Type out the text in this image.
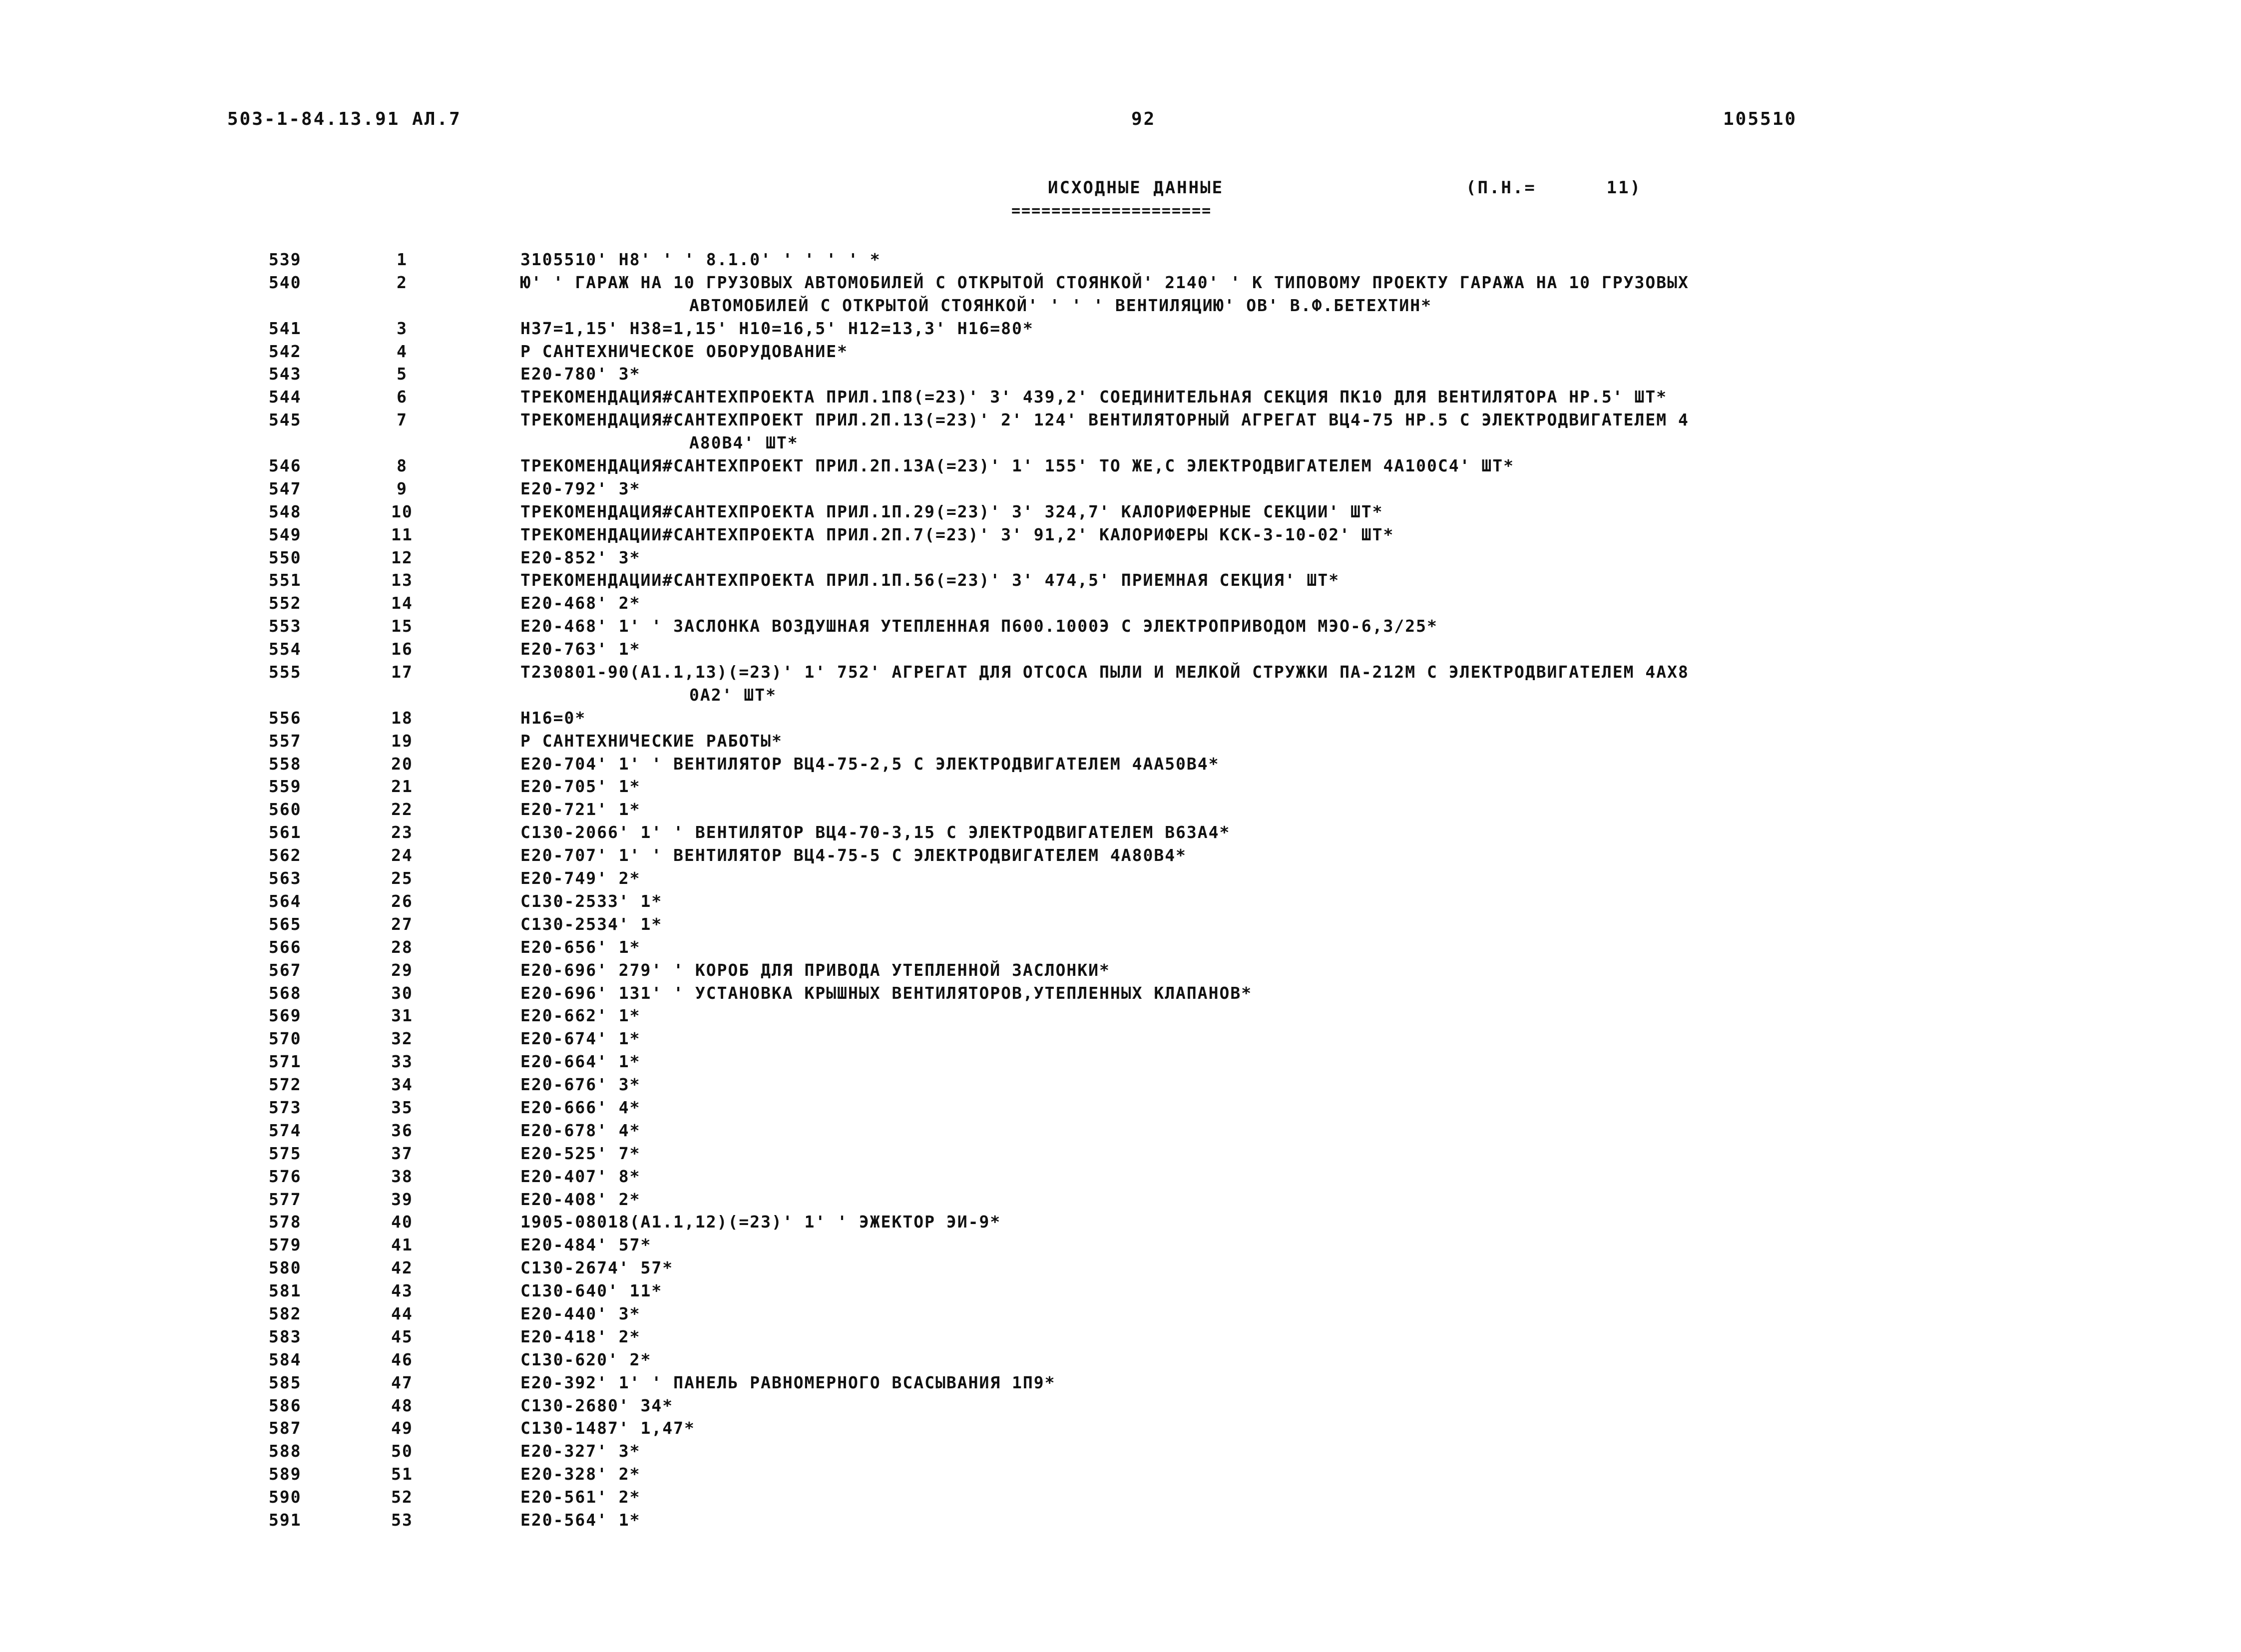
503-1-84.13.91 АЛ.7	92	105510
ИСХОДНЫЕ ДАННЫЕ	(П.Н.=      11)
====================
539	1	3105510' Н8' ' ' 8.1.0' ' ' ' ' *
540	2	Ю' ' ГАРАЖ НА 10 ГРУЗОВЫХ АВТОМОБИЛЕЙ С ОТКРЫТОЙ СТОЯНКОЙ' 2140' ' К ТИПОВОМУ ПРОЕКТУ ГАРАЖА НА 10 ГРУЗОВЫХ
АВТОМОБИЛЕЙ С ОТКРЫТОЙ СТОЯНКОЙ' ' ' ' ВЕНТИЛЯЦИЮ' ОВ' В.Ф.БЕТЕХТИН*
541	3	Н37=1,15' Н38=1,15' Н10=16,5' Н12=13,3' Н16=80*
542	4	Р САНТЕХНИЧЕСКОЕ ОБОРУДОВАНИЕ*
543	5	Е20-780' 3*
544	6	ТРЕКОМЕНДАЦИЯ#САНТЕХПРОЕКТА ПРИЛ.1П8(=23)' 3' 439,2' СОЕДИНИТЕЛЬНАЯ СЕКЦИЯ ПК10 ДЛЯ ВЕНТИЛЯТОРА НР.5' ШТ*
545	7	ТРЕКОМЕНДАЦИЯ#САНТЕХПРОЕКТ ПРИЛ.2П.13(=23)' 2' 124' ВЕНТИЛЯТОРНЫЙ АГРЕГАТ ВЦ4-75 НР.5 С ЭЛЕКТРОДВИГАТЕЛЕМ 4
А80В4' ШТ*
546	8	ТРЕКОМЕНДАЦИЯ#САНТЕХПРОЕКТ ПРИЛ.2П.13А(=23)' 1' 155' ТО ЖЕ,С ЭЛЕКТРОДВИГАТЕЛЕМ 4А100С4' ШТ*
547	9	Е20-792' 3*
548	10	ТРЕКОМЕНДАЦИЯ#САНТЕХПРОЕКТА ПРИЛ.1П.29(=23)' 3' 324,7' КАЛОРИФЕРНЫЕ СЕКЦИИ' ШТ*
549	11	ТРЕКОМЕНДАЦИИ#САНТЕХПРОЕКТА ПРИЛ.2П.7(=23)' 3' 91,2' КАЛОРИФЕРЫ КСК-3-10-02' ШТ*
550	12	Е20-852' 3*
551	13	ТРЕКОМЕНДАЦИИ#САНТЕХПРОЕКТА ПРИЛ.1П.56(=23)' 3' 474,5' ПРИЕМНАЯ СЕКЦИЯ' ШТ*
552	14	Е20-468' 2*
553	15	Е20-468' 1' ' ЗАСЛОНКА ВОЗДУШНАЯ УТЕПЛЕННАЯ П600.1000Э С ЭЛЕКТРОПРИВОДОМ МЭО-6,3/25*
554	16	Е20-763' 1*
555	17	Т230801-90(А1.1,13)(=23)' 1' 752' АГРЕГАТ ДЛЯ ОТСОСА ПЫЛИ И МЕЛКОЙ СТРУЖКИ ПА-212М С ЭЛЕКТРОДВИГАТЕЛЕМ 4АХ8
0А2' ШТ*
556	18	Н16=0*
557	19	Р САНТЕХНИЧЕСКИЕ РАБОТЫ*
558	20	Е20-704' 1' ' ВЕНТИЛЯТОР ВЦ4-75-2,5 С ЭЛЕКТРОДВИГАТЕЛЕМ 4АА50В4*
559	21	Е20-705' 1*
560	22	Е20-721' 1*
561	23	С130-2066' 1' ' ВЕНТИЛЯТОР ВЦ4-70-3,15 С ЭЛЕКТРОДВИГАТЕЛЕМ В63А4*
562	24	Е20-707' 1' ' ВЕНТИЛЯТОР ВЦ4-75-5 С ЭЛЕКТРОДВИГАТЕЛЕМ 4А80В4*
563	25	Е20-749' 2*
564	26	С130-2533' 1*
565	27	С130-2534' 1*
566	28	Е20-656' 1*
567	29	Е20-696' 279' ' КОРОБ ДЛЯ ПРИВОДА УТЕПЛЕННОЙ ЗАСЛОНКИ*
568	30	Е20-696' 131' ' УСТАНОВКА КРЫШНЫХ ВЕНТИЛЯТОРОВ,УТЕПЛЕННЫХ КЛАПАНОВ*
569	31	Е20-662' 1*
570	32	Е20-674' 1*
571	33	Е20-664' 1*
572	34	Е20-676' 3*
573	35	Е20-666' 4*
574	36	Е20-678' 4*
575	37	Е20-525' 7*
576	38	Е20-407' 8*
577	39	Е20-408' 2*
578	40	1905-08018(А1.1,12)(=23)' 1' ' ЭЖЕКТОР ЭИ-9*
579	41	Е20-484' 57*
580	42	С130-2674' 57*
581	43	С130-640' 11*
582	44	Е20-440' 3*
583	45	Е20-418' 2*
584	46	С130-620' 2*
585	47	Е20-392' 1' ' ПАНЕЛЬ РАВНОМЕРНОГО ВСАСЫВАНИЯ 1П9*
586	48	С130-2680' 34*
587	49	С130-1487' 1,47*
588	50	Е20-327' 3*
589	51	Е20-328' 2*
590	52	Е20-561' 2*
591	53	Е20-564' 1*
